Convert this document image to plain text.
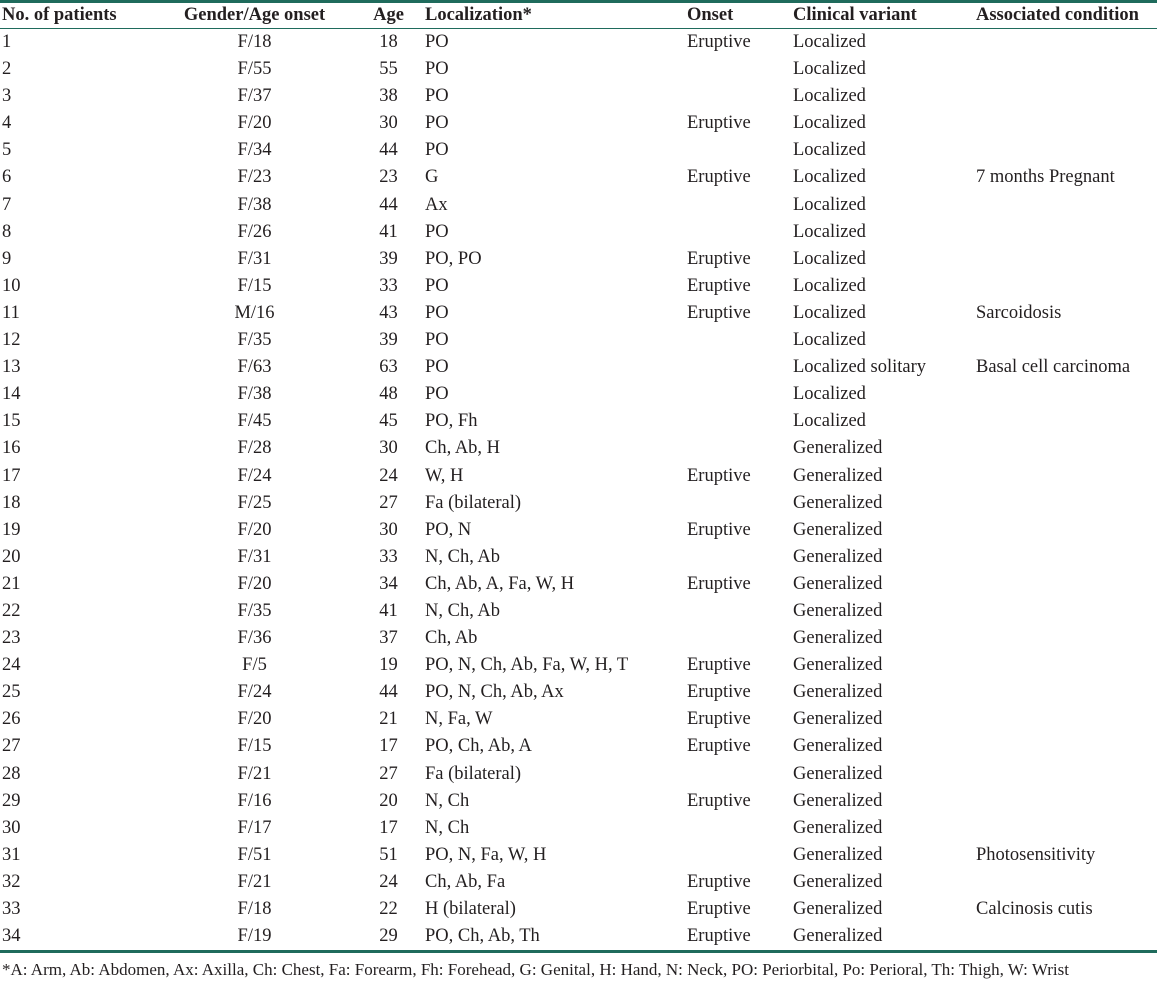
No. of patients	Gender/Age onset	Age	Localization*	Onset	Clinical variant	Associated condition

1	F/18	18	PO	Eruptive	Localized	
2	F/55	55	PO		Localized	
3	F/37	38	PO		Localized	
4	F/20	30	PO	Eruptive	Localized	
5	F/34	44	PO		Localized	
6	F/23	23	G	Eruptive	Localized	7 months Pregnant
7	F/38	44	Ax		Localized	
8	F/26	41	PO		Localized	
9	F/31	39	PO, PO	Eruptive	Localized	
10	F/15	33	PO	Eruptive	Localized	
11	M/16	43	PO	Eruptive	Localized	Sarcoidosis
12	F/35	39	PO		Localized	
13	F/63	63	PO		Localized solitary	Basal cell carcinoma
14	F/38	48	PO		Localized	
15	F/45	45	PO, Fh		Localized	
16	F/28	30	Ch, Ab, H		Generalized	
17	F/24	24	W, H	Eruptive	Generalized	
18	F/25	27	Fa (bilateral)		Generalized	
19	F/20	30	PO, N	Eruptive	Generalized	
20	F/31	33	N, Ch, Ab		Generalized	
21	F/20	34	Ch, Ab, A, Fa, W, H	Eruptive	Generalized	
22	F/35	41	N, Ch, Ab		Generalized	
23	F/36	37	Ch, Ab		Generalized	
24	F/5	19	PO, N, Ch, Ab, Fa, W, H, T	Eruptive	Generalized	
25	F/24	44	PO, N, Ch, Ab, Ax	Eruptive	Generalized	
26	F/20	21	N, Fa, W	Eruptive	Generalized	
27	F/15	17	PO, Ch, Ab, A	Eruptive	Generalized	
28	F/21	27	Fa (bilateral)		Generalized	
29	F/16	20	N, Ch	Eruptive	Generalized	
30	F/17	17	N, Ch		Generalized	
31	F/51	51	PO, N, Fa, W, H		Generalized	Photosensitivity
32	F/21	24	Ch, Ab, Fa	Eruptive	Generalized	
33	F/18	22	H (bilateral)	Eruptive	Generalized	Calcinosis cutis
34	F/19	29	PO, Ch, Ab, Th	Eruptive	Generalized	
*A: Arm, Ab: Abdomen, Ax: Axilla, Ch: Chest, Fa: Forearm, Fh: Forehead, G: Genital, H: Hand, N: Neck, PO: Periorbital, Po: Perioral, Th: Thigh, W: Wrist
